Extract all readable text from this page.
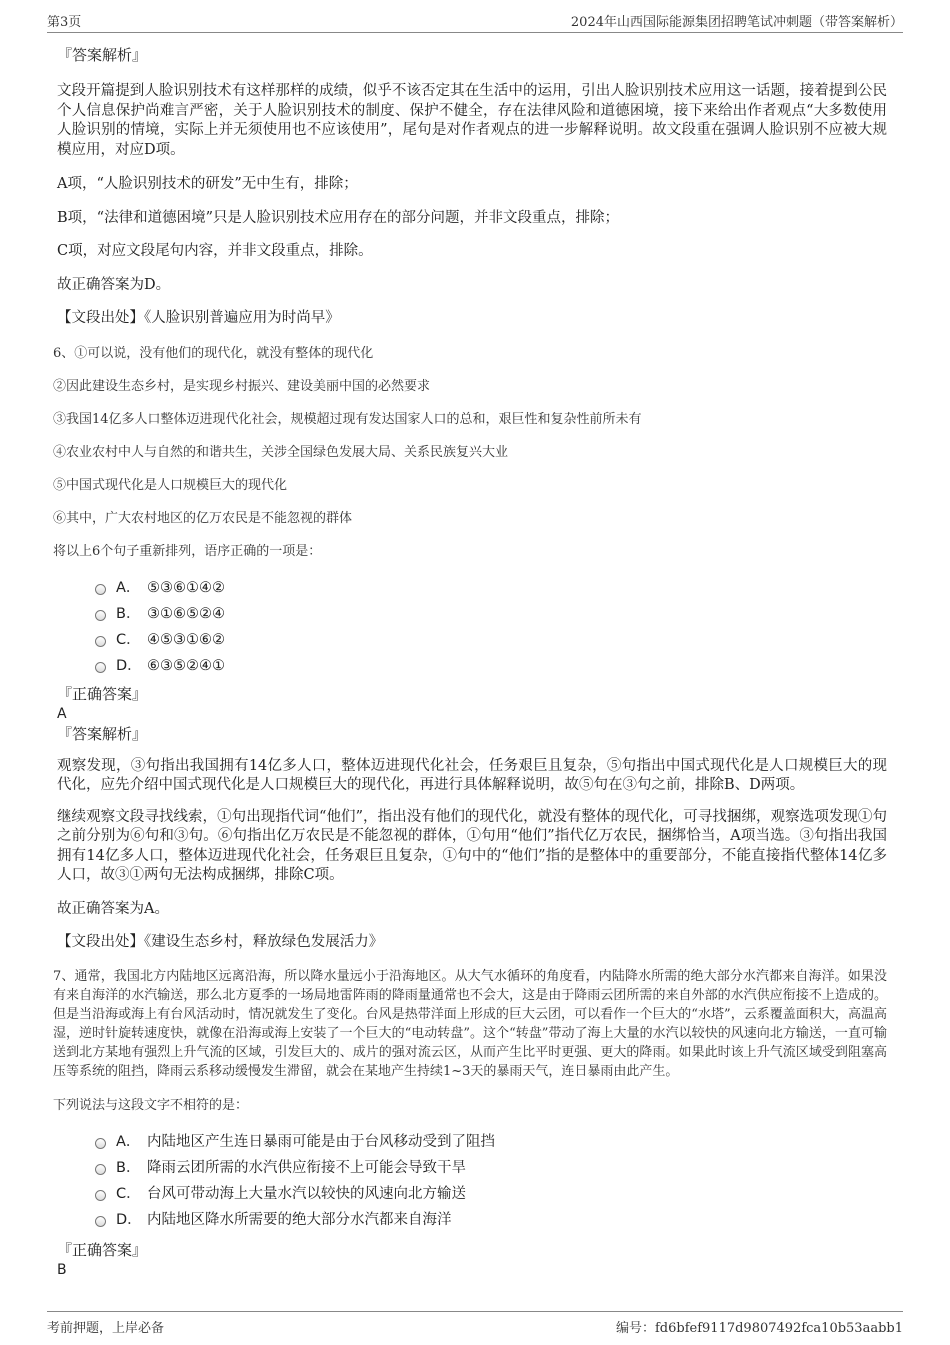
第3页	2024年山西国际能源集团招聘笔试冲刺题（带答案解析）

『答案解析』

文段开篇提到人脸识别技术有这样那样的成绩，似乎不该否定其在生活中的运用，引出人脸识别技术应用这一话题，接着提到公民个人信息保护尚难言严密，关于人脸识别技术的制度、保护不健全，存在法律风险和道德困境，接下来给出作者观点“大多数使用人脸识别的情境，实际上并无须使用也不应该使用”，尾句是对作者观点的进一步解释说明。故文段重在强调人脸识别不应被大规模应用，对应D项。

A项，“人脸识别技术的研发”无中生有，排除；

B项，“法律和道德困境”只是人脸识别技术应用存在的部分问题，并非文段重点，排除；

C项，对应文段尾句内容，并非文段重点，排除。

故正确答案为D。

【文段出处】《人脸识别普遍应用为时尚早》

6、①可以说，没有他们的现代化，就没有整体的现代化

②因此建设生态乡村，是实现乡村振兴、建设美丽中国的必然要求

③我国14亿多人口整体迈进现代化社会，规模超过现有发达国家人口的总和，艰巨性和复杂性前所未有

④农业农村中人与自然的和谐共生，关涉全国绿色发展大局、关系民族复兴大业

⑤中国式现代化是人口规模巨大的现代化

⑥其中，广大农村地区的亿万农民是不能忽视的群体

将以上6个句子重新排列，语序正确的一项是：

A． ⑤③⑥①④②
B． ③①⑥⑤②④
C． ④⑤③①⑥②
D． ⑥③⑤②④①

『正确答案』

A

『答案解析』

观察发现，③句指出我国拥有14亿多人口，整体迈进现代化社会，任务艰巨且复杂，⑤句指出中国式现代化是人口规模巨大的现代化，应先介绍中国式现代化是人口规模巨大的现代化，再进行具体解释说明，故⑤句在③句之前，排除B、D两项。

继续观察文段寻找线索，①句出现指代词“他们”，指出没有他们的现代化，就没有整体的现代化，可寻找捆绑，观察选项发现①句之前分别为⑥句和③句。⑥句指出亿万农民是不能忽视的群体，①句用“他们”指代亿万农民，捆绑恰当，A项当选。③句指出我国拥有14亿多人口，整体迈进现代化社会，任务艰巨且复杂，①句中的“他们”指的是整体中的重要部分，不能直接指代整体14亿多人口，故③①两句无法构成捆绑，排除C项。

故正确答案为A。

【文段出处】《建设生态乡村，释放绿色发展活力》

7、通常，我国北方内陆地区远离沿海，所以降水量远小于沿海地区。从大气水循环的角度看，内陆降水所需的绝大部分水汽都来自海洋。如果没有来自海洋的水汽输送，那么北方夏季的一场局地雷阵雨的降雨量通常也不会大，这是由于降雨云团所需的来自外部的水汽供应衔接不上造成的。但是当沿海或海上有台风活动时，情况就发生了变化。台风是热带洋面上形成的巨大云团，可以看作一个巨大的“水塔”，云系覆盖面积大，高温高湿，逆时针旋转速度快，就像在沿海或海上安装了一个巨大的“电动转盘”。这个“转盘”带动了海上大量的水汽以较快的风速向北方输送，一直可输送到北方某地有强烈上升气流的区域，引发巨大的、成片的强对流云区，从而产生比平时更强、更大的降雨。如果此时该上升气流区域受到阻塞高压等系统的阻挡，降雨云系移动缓慢发生滞留，就会在某地产生持续1~3天的暴雨天气，连日暴雨由此产生。

下列说法与这段文字不相符的是：

A． 内陆地区产生连日暴雨可能是由于台风移动受到了阻挡
B． 降雨云团所需的水汽供应衔接不上可能会导致干旱
C． 台风可带动海上大量水汽以较快的风速向北方输送
D． 内陆地区降水所需要的绝大部分水汽都来自海洋

『正确答案』

B

考前押题，上岸必备	编号：fd6bfef9117d9807492fca10b53aabb1
